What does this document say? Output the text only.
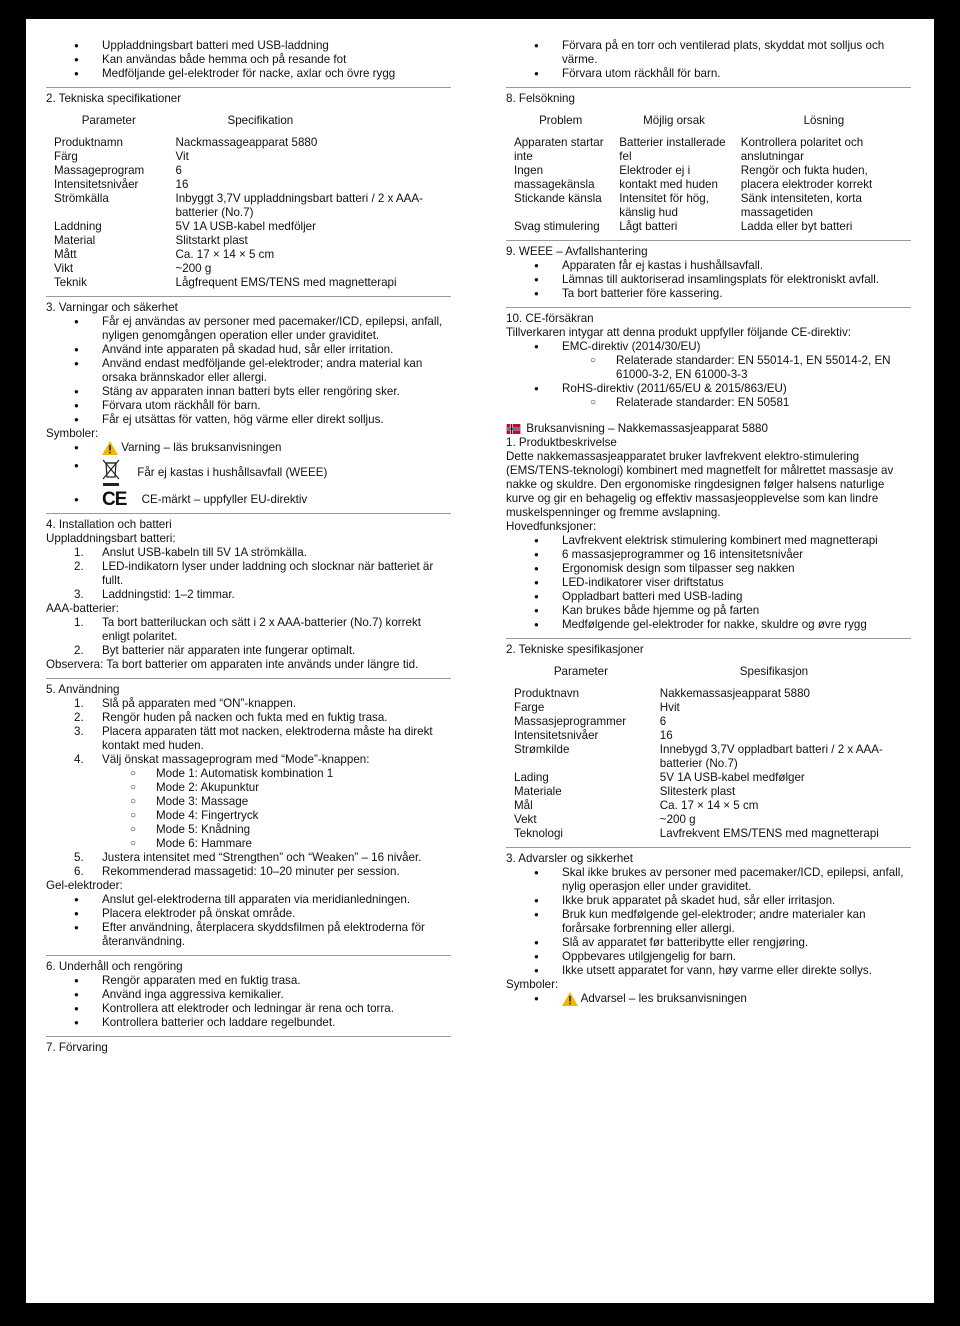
● Uppladdningsbart batteri med USB-laddning
● Kan användas både hemma och på resande fot
● Medföljande gel-elektroder för nacke, axlar och övre rygg
2. Tekniska specifikationer
Parameter	Specifikation
Produktnamn	Nackmassageapparat 5880
Färg	Vit
Massageprogram	6
Intensitetsnivåer	16
Strömkälla	Inbyggt 3,7V uppladdningsbart batteri / 2 x AAA-batterier (No.7)
Laddning	5V 1A USB-kabel medföljer
Material	Slitstarkt plast
Mått	Ca. 17 × 14 × 5 cm
Vikt	~200 g
Teknik	Lågfrequent EMS/TENS med magnetterapi
3. Varningar och säkerhet
● Får ej användas av personer med pacemaker/ICD, epilepsi, anfall, nyligen genomgången operation eller under graviditet.
● Använd inte apparaten på skadad hud, sår eller irritation.
● Använd endast medföljande gel-elektroder; andra material kan orsaka brännskador eller allergi.
● Stäng av apparaten innan batteri byts eller rengöring sker.
● Förvara utom räckhåll för barn.
● Får ej utsättas för vatten, hög värme eller direkt solljus.
Symboler:
● Varning – läs bruksanvisningen
● Får ej kastas i hushållsavfall (WEEE)
● CE CE-märkt – uppfyller EU-direktiv
4. Installation och batteri
Uppladdningsbart batteri:
1. Anslut USB-kabeln till 5V 1A strömkälla.
2. LED-indikatorn lyser under laddning och slocknar när batteriet är fullt.
3. Laddningstid: 1–2 timmar.
AAA-batterier:
1. Ta bort batteriluckan och sätt i 2 x AAA-batterier (No.7) korrekt enligt polaritet.
2. Byt batterier när apparaten inte fungerar optimalt.
Observera: Ta bort batterier om apparaten inte används under längre tid.
5. Användning
1. Slå på apparaten med “ON”-knappen.
2. Rengör huden på nacken och fukta med en fuktig trasa.
3. Placera apparaten tätt mot nacken, elektroderna måste ha direkt kontakt med huden.
4. Välj önskat massageprogram med “Mode”-knappen:
○ Mode 1: Automatisk kombination 1
○ Mode 2: Akupunktur
○ Mode 3: Massage
○ Mode 4: Fingertryck
○ Mode 5: Knådning
○ Mode 6: Hammare
5. Justera intensitet med “Strengthen” och “Weaken” – 16 nivåer.
6. Rekommenderad massagetid: 10–20 minuter per session.
Gel-elektroder:
● Anslut gel-elektroderna till apparaten via meridianledningen.
● Placera elektroder på önskat område.
● Efter användning, återplacera skyddsfilmen på elektroderna för återanvändning.
6. Underhåll och rengöring
● Rengör apparaten med en fuktig trasa.
● Använd inga aggressiva kemikalier.
● Kontrollera att elektroder och ledningar är rena och torra.
● Kontrollera batterier och laddare regelbundet.
7. Förvaring
● Förvara på en torr och ventilerad plats, skyddat mot solljus och värme.
● Förvara utom räckhåll för barn.
8. Felsökning
Problem	Möjlig orsak	Lösning
Apparaten startar inte	Batterier installerade fel	Kontrollera polaritet och anslutningar
Ingen massagekänsla	Elektroder ej i kontakt med huden	Rengör och fukta huden, placera elektroder korrekt
Stickande känsla	Intensitet för hög, känslig hud	Sänk intensiteten, korta massagetiden
Svag stimulering	Lågt batteri	Ladda eller byt batteri
9. WEEE – Avfallshantering
● Apparaten får ej kastas i hushållsavfall.
● Lämnas till auktoriserad insamlingsplats för elektroniskt avfall.
● Ta bort batterier före kassering.
10. CE-försäkran
Tillverkaren intygar att denna produkt uppfyller följande CE-direktiv:
● EMC-direktiv (2014/30/EU)
○ Relaterade standarder: EN 55014-1, EN 55014-2, EN 61000-3-2, EN 61000-3-3
● RoHS-direktiv (2011/65/EU & 2015/863/EU)
○ Relaterade standarder: EN 50581
Bruksanvisning – Nakkemassasjeapparat 5880
1. Produktbeskrivelse
Dette nakkemassasjeapparatet bruker lavfrekvent elektro-stimulering (EMS/TENS-teknologi) kombinert med magnetfelt for målrettet massasje av nakke og skuldre. Den ergonomiske ringdesignen følger halsens naturlige kurve og gir en behagelig og effektiv massasjeopplevelse som kan lindre muskelspenninger og fremme avslapning.
Hovedfunksjoner:
● Lavfrekvent elektrisk stimulering kombinert med magnetterapi
● 6 massasjeprogrammer og 16 intensitetsnivåer
● Ergonomisk design som tilpasser seg nakken
● LED-indikatorer viser driftstatus
● Oppladbart batteri med USB-lading
● Kan brukes både hjemme og på farten
● Medfølgende gel-elektroder for nakke, skuldre og øvre rygg
2. Tekniske spesifikasjoner
Parameter	Spesifikasjon
Produktnavn	Nakkemassasjeapparat 5880
Farge	Hvit
Massasjeprogrammer	6
Intensitetsnivåer	16
Strømkilde	Innebygd 3,7V oppladbart batteri / 2 x AAA-batterier (No.7)
Lading	5V 1A USB-kabel medfølger
Materiale	Slitesterk plast
Mål	Ca. 17 × 14 × 5 cm
Vekt	~200 g
Teknologi	Lavfrekvent EMS/TENS med magnetterapi
3. Advarsler og sikkerhet
● Skal ikke brukes av personer med pacemaker/ICD, epilepsi, anfall, nylig operasjon eller under graviditet.
● Ikke bruk apparatet på skadet hud, sår eller irritasjon.
● Bruk kun medfølgende gel-elektroder; andre materialer kan forårsake forbrenning eller allergi.
● Slå av apparatet før batteribytte eller rengjøring.
● Oppbevares utilgjengelig for barn.
● Ikke utsett apparatet for vann, høy varme eller direkte sollys.
Symboler:
● Advarsel – les bruksanvisningen
